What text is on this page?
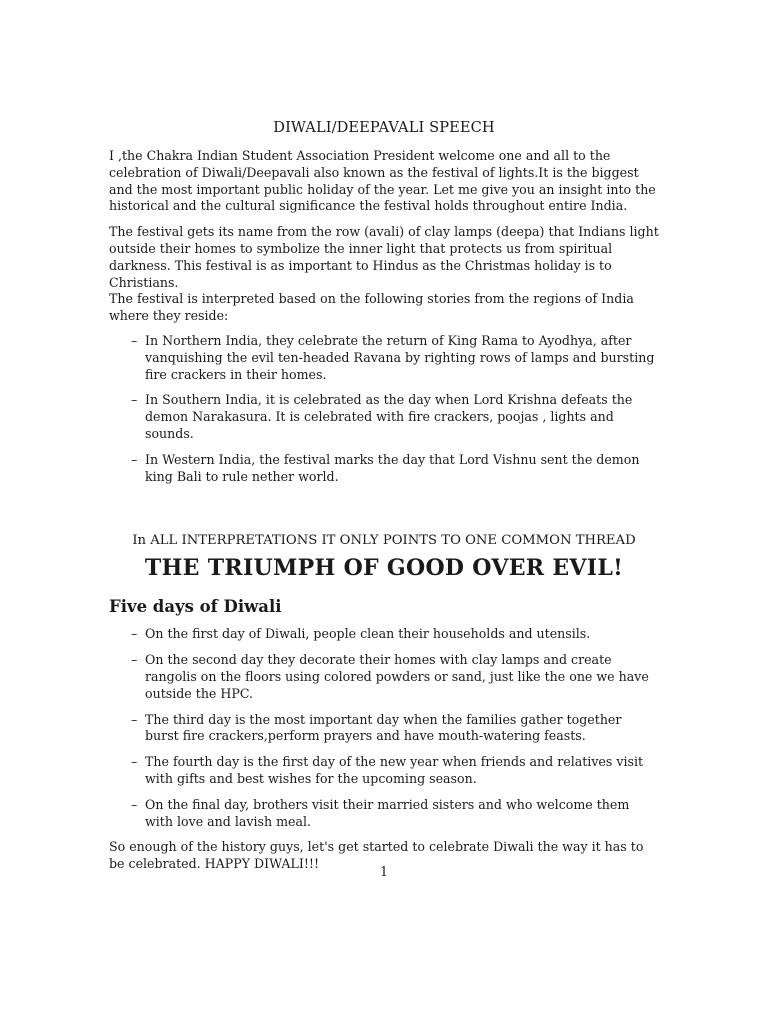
DIWALI/DEEPAVALI SPEECH

I ,the Chakra Indian Student Association President welcome one and all to the celebration of Diwali/Deepavali also known as the festival of lights.It is the biggest and the most important public holiday of the year. Let me give you an insight into the historical and the cultural significance the festival holds throughout entire India.

The festival gets its name from the row (avali) of clay lamps (deepa) that Indians light outside their homes to symbolize the inner light that protects us from spiritual darkness. This festival is as important to Hindus as the Christmas holiday is to Christians.

The festival is interpreted based on the following stories from the regions of India where they reside:

– In Northern India, they celebrate the return of King Rama to Ayodhya, after vanquishing the evil ten-headed Ravana by righting rows of lamps and bursting fire crackers in their homes.
– In Southern India, it is celebrated as the day when Lord Krishna defeats the demon Narakasura. It is celebrated with fire crackers, poojas , lights and sounds.
– In Western India, the festival marks the day that Lord Vishnu sent the demon king Bali to rule nether world.
In ALL INTERPRETATIONS IT ONLY POINTS TO ONE COMMON THREAD
THE TRIUMPH OF GOOD OVER EVIL!
Five days of Diwali
– On the first day of Diwali, people clean their households and utensils.
– On the second day they decorate their homes with clay lamps and create rangolis on the floors using colored powders or sand, just like the one we have outside the HPC.
– The third day is the most important day when the families gather together burst fire crackers,perform prayers and have mouth-watering feasts.
– The fourth day is the first day of the new year when friends and relatives visit with gifts and best wishes for the upcoming season.
– On the final day, brothers visit their married sisters and who welcome them with love and lavish meal.

So enough of the history guys, let's get started to celebrate Diwali the way it has to be celebrated. HAPPY DIWALI!!!

1
